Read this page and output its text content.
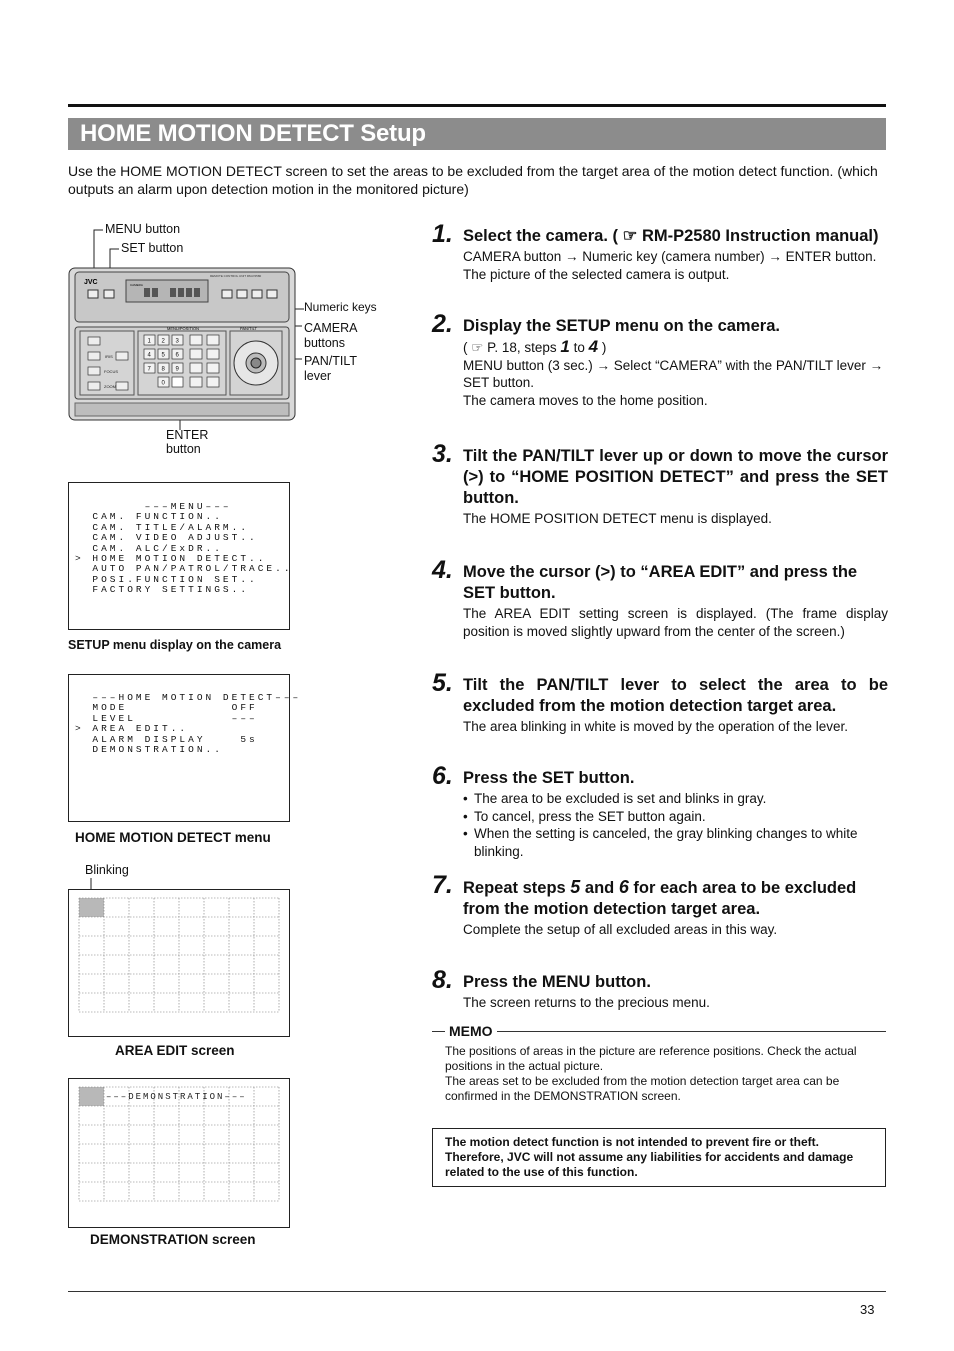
HOME MOTION DETECT Setup

Use the HOME MOTION DETECT screen to set the areas to be excluded from the target area of the motion detect function. (which outputs an alarm upon detection motion in the monitored picture)

MENU button
SET button
Numeric keys
CAMERA
buttons
PAN/TILT
lever
ENTER
button
JVC
REMOTE CONTROL UNIT RM-P2580
CAMERA
IRIS
FOCUS
ZOOM
MENU/POSITION
1 2 3
4 5 6
7 8 9
0
PAN/TILT
–––MENU–––
CAM. FUNCTION..
CAM. TITLE/ALARM..
CAM. VIDEO ADJUST..
CAM. ALC/ExDR..
> HOME MOTION DETECT..
AUTO PAN/PATROL/TRACE..
POSI.FUNCTION SET..
FACTORY SETTINGS..
SETUP menu display on the camera
–––HOME MOTION DETECT–––
MODE            OFF
LEVEL           –––
> AREA EDIT..
ALARM DISPLAY    5s
DEMONSTRATION..
HOME MOTION DETECT menu
Blinking
AREA EDIT screen
–––DEMONSTRATION–––
DEMONSTRATION screen
1. Select the camera. ( ☞ RM-P2580 Instruction manual)
CAMERA button → Numeric key (camera number) → ENTER button.
The picture of the selected camera is output.
2. Display the SETUP menu on the camera.
( ☞ P. 18, steps 1 to 4 )
MENU button (3 sec.) → Select “CAMERA” with the PAN/TILT lever → SET button.
The camera moves to the home position.
3. Tilt the PAN/TILT lever up or down to move the cursor (>) to “HOME POSITION DETECT” and press the SET button.
The HOME POSITION DETECT menu is displayed.
4. Move the cursor (>) to “AREA EDIT” and press the SET button.
The AREA EDIT setting screen is displayed. (The frame display position is moved slightly upward from the center of the screen.)
5. Tilt the PAN/TILT lever to select the area to be excluded from the motion detection target area.
The area blinking in white is moved by the operation of the lever.
6. Press the SET button.
• The area to be excluded is set and blinks in gray.
• To cancel, press the SET button again.
• When the setting is canceled, the gray blinking changes to white blinking.
7. Repeat steps 5 and 6 for each area to be excluded from the motion detection target area.
Complete the setup of all excluded areas in this way.
8. Press the MENU button.
The screen returns to the precious menu.
MEMO
The positions of areas in the picture are reference positions. Check the actual positions in the actual picture.
The areas set to be excluded from the motion detection target area can be confirmed in the DEMONSTRATION screen.
The motion detect function is not intended to prevent fire or theft. Therefore, JVC will not assume any liabilities for accidents and damage related to the use of this function.
33
